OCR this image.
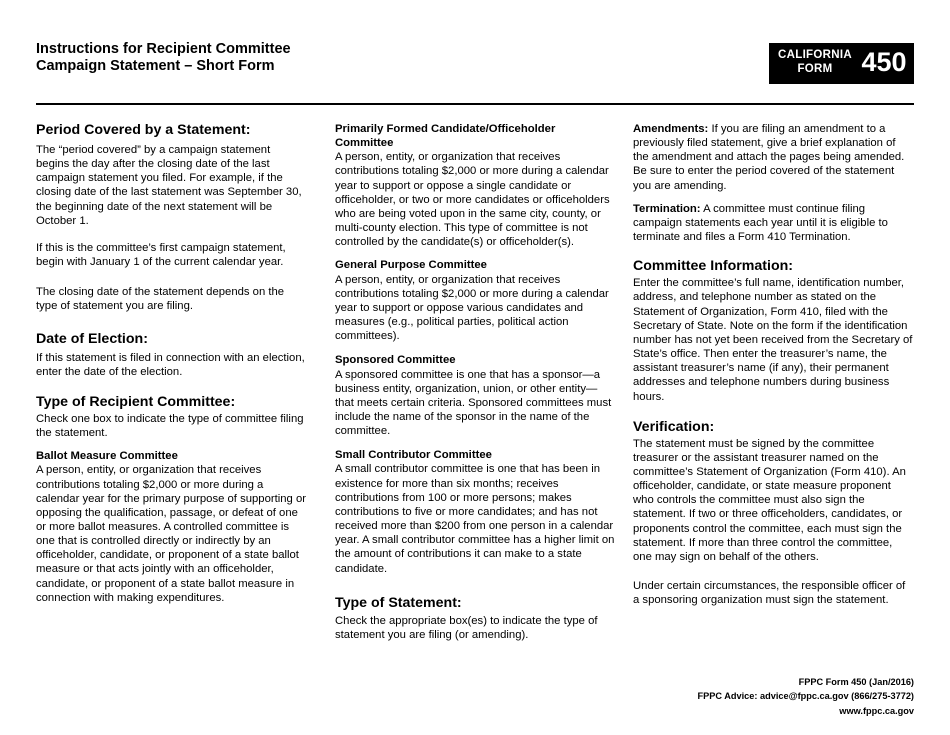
Instructions for Recipient Committee
Campaign Statement – Short Form
CALIFORNIA
FORM	450
Period Covered by a Statement:

The “period covered” by a campaign statement begins the day after the closing date of the last campaign statement you filed. For example, if the closing date of the last statement was September 30, the beginning date of the next statement will be October 1.

If this is the committee’s first campaign statement, begin with January 1 of the current calendar year.

The closing date of the statement depends on the type of statement you are filing.

Date of Election:

If this statement is filed in connection with an election, enter the date of the election.

Type of Recipient Committee:

Check one box to indicate the type of committee filing the statement.

Ballot Measure Committee

A person, entity, or organization that receives contributions totaling $2,000 or more during a calendar year for the primary purpose of supporting or opposing the qualification, passage, or defeat of one or more ballot measures. A controlled committee is one that is controlled directly or indirectly by an officeholder, candidate, or proponent of a state ballot measure or that acts jointly with an officeholder, candidate, or proponent of a state ballot measure in connection with making expenditures.

Primarily Formed Candidate/Officeholder Committee

A person, entity, or organization that receives contributions totaling $2,000 or more during a calendar year to support or oppose a single candidate or officeholder, or two or more candidates or officeholders who are being voted upon in the same city, county, or multi-county election. This type of committee is not controlled by the candidate(s) or officeholder(s).

General Purpose Committee

A person, entity, or organization that receives contributions totaling $2,000 or more during a calendar year to support or oppose various candidates and measures (e.g., political parties, political action committees).

Sponsored Committee

A sponsored committee is one that has a sponsor—a business entity, organization, union, or other entity—that meets certain criteria. Sponsored committees must include the name of the sponsor in the name of the committee.

Small Contributor Committee

A small contributor committee is one that has been in existence for more than six months; receives contributions from 100 or more persons; makes contributions to five or more candidates; and has not received more than $200 from one person in a calendar year. A small contributor committee has a higher limit on the amount of contributions it can make to a state candidate.

Type of Statement:

Check the appropriate box(es) to indicate the type of statement you are filing (or amending).

Amendments: If you are filing an amendment to a previously filed statement, give a brief explanation of the amendment and attach the pages being amended. Be sure to enter the period covered of the statement you are amending.

Termination: A committee must continue filing campaign statements each year until it is eligible to terminate and files a Form 410 Termination.

Committee Information:

Enter the committee’s full name, identification number, address, and telephone number as stated on the Statement of Organization, Form 410, filed with the Secretary of State. Note on the form if the identification number has not yet been received from the Secretary of State’s office. Then enter the treasurer’s name, the assistant treasurer’s name (if any), their permanent addresses and telephone numbers during business hours.

Verification:

The statement must be signed by the committee treasurer or the assistant treasurer named on the committee’s Statement of Organization (Form 410). An officeholder, candidate, or state measure proponent who controls the committee must also sign the statement. If two or three officeholders, candidates, or proponents control the committee, each must sign the statement. If more than three control the committee, one may sign on behalf of the others.

Under certain circumstances, the responsible officer of a sponsoring organization must sign the statement.

FPPC Form 450 (Jan/2016)
FPPC Advice: advice@fppc.ca.gov (866/275-3772)
www.fppc.ca.gov
